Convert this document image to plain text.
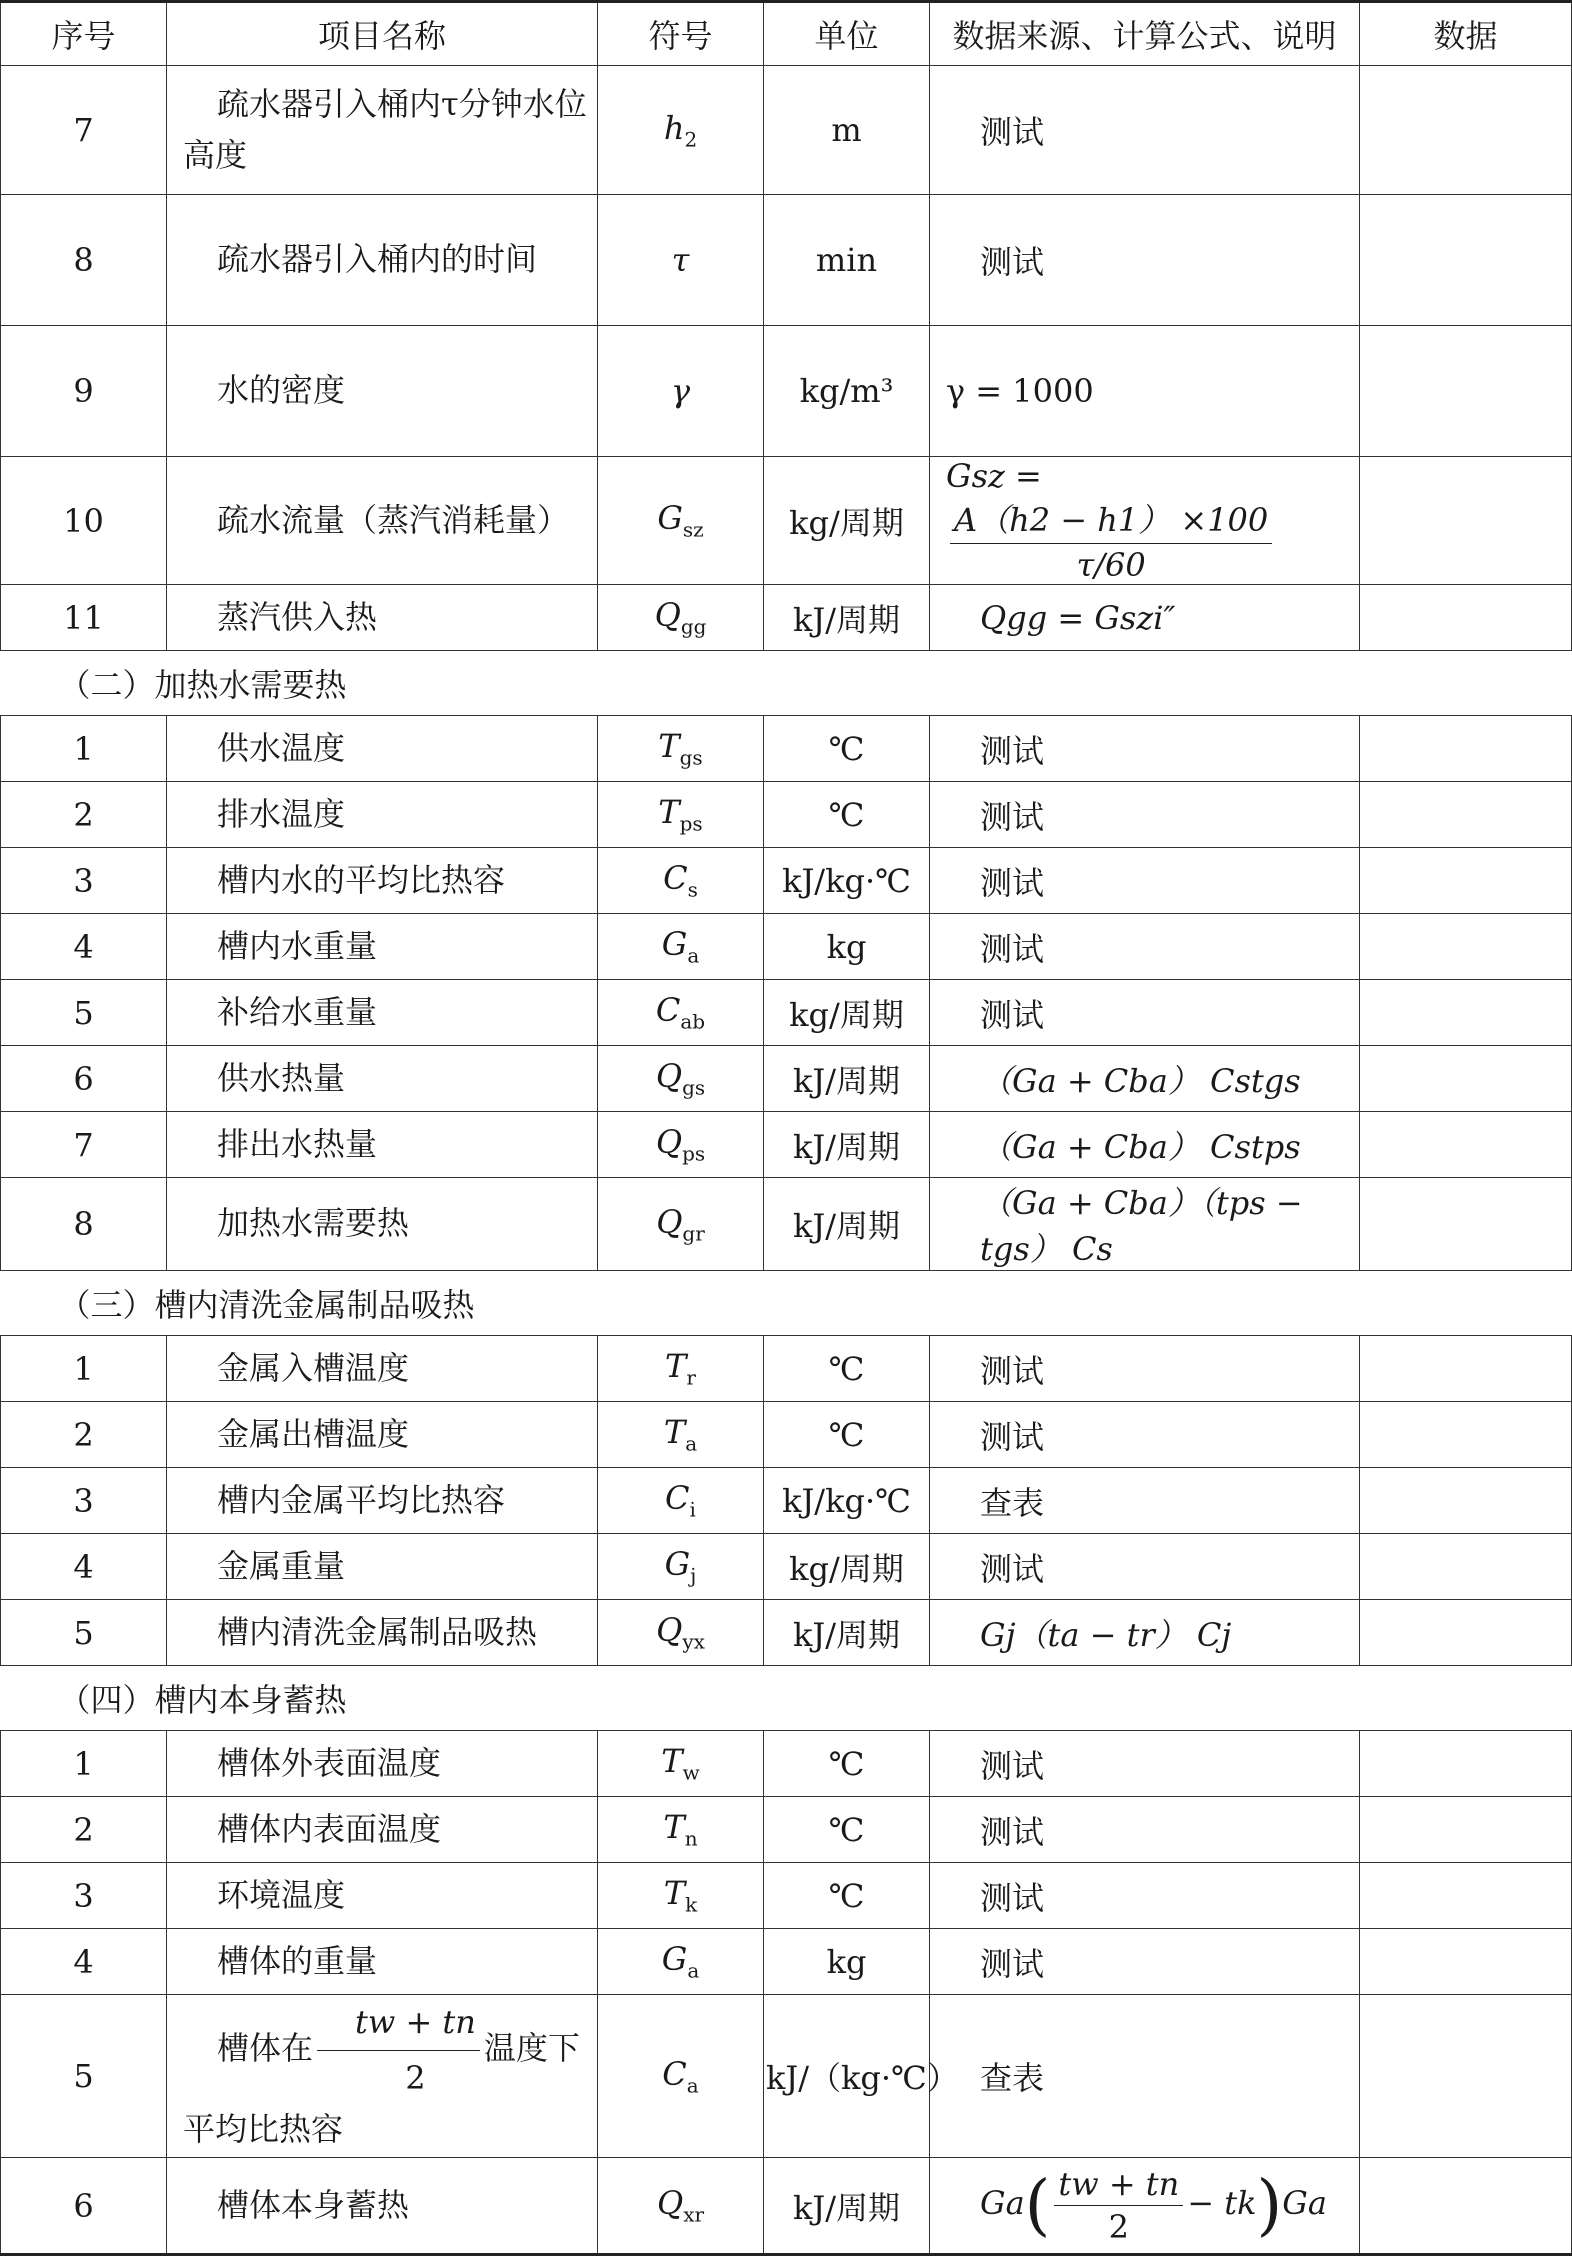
序号	项目名称	符号	单位	数据来源、计算公式、说明	数据
7	疏水器引入桶内τ分钟水位高度	$h_2$	m	测试	
8	疏水器引入桶内的时间	τ	min	测试	
9	水的密度	γ	kg/m³	γ = 1000	
10	疏水流量（蒸汽消耗量）	$G_{sz}$	kg/周期	Gsz =
$\frac{A(h2 - h1) \times 100}{\tau/60}$

11	蒸汽供入热	$Q_{gg}$	kJ/周期	Qgg = Gszi″	
（二）加热水需要热					
1	供水温度	$T_{gs}$	℃	测试	
2	排水温度	$T_{ps}$	℃	测试	
3	槽内水的平均比热容	$C_s$	kJ/kg·℃	测试	
4	槽内水重量	$G_a$	kg	测试	
5	补给水重量	$C_{ab}$	kg/周期	测试	
6	供水热量	$Q_{gs}$	kJ/周期	（Ga + Cba） Cstgs	
7	排出水热量	$Q_{ps}$	kJ/周期	（Ga + Cba） Cstps	
8	加热水需要热	$Q_{gr}$	kJ/周期	（Ga + Cba）（tps − tgs） Cs	
（三）槽内清洗金属制品吸热					
1	金属入槽温度	$T_r$	℃	测试	
2	金属出槽温度	$T_a$	℃	测试	
3	槽内金属平均比热容	$C_i$	kJ/kg·℃	查表	
4	金属重量	$G_j$	kg/周期	测试	
5	槽内清洗金属制品吸热	$Q_{yx}$	kJ/周期	Gj（ta − tr） Cj	
（四）槽内本身蓄热					
1	槽体外表面温度	$T_w$	℃	测试	
2	槽体内表面温度	$T_n$	℃	测试	
3	环境温度	$T_k$	℃	测试	
4	槽体的重量	$G_a$	kg	测试	
5	槽体在 $\frac{tw + tn}{2}$ 温度下平均比热容	$C_a$	kJ/（kg·℃）	查表	
6	槽体本身蓄热	$Q_{xr}$	kJ/周期	$Ga( \frac{tw + tn}{2} - tk)Ga$	
